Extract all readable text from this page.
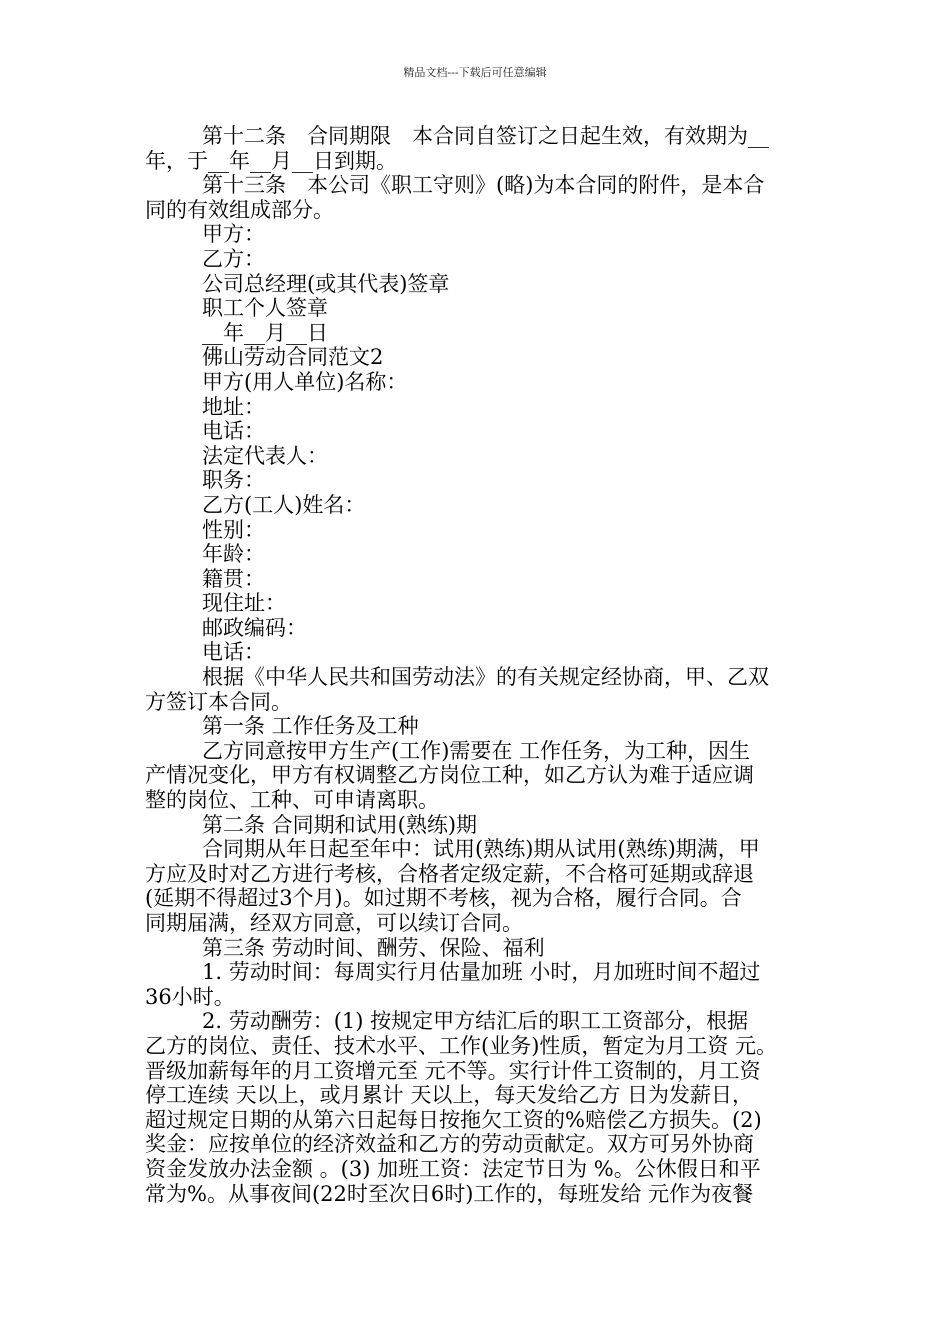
精品文档---下载后可任意编辑
第十二条　合同期限　本合同自签订之日起生效，有效期为__
年，于__年__月__日到期。
第十三条　本公司《职工守则》(略)为本合同的附件，是本合
同的有效组成部分。
甲方：
乙方：
公司总经理(或其代表)签章
职工个人签章
__年__月__日
佛山劳动合同范文2
甲方(用人单位)名称：
地址：
电话：
法定代表人：
职务：
乙方(工人)姓名：
性别：
年龄：
籍贯：
现住址：
邮政编码：
电话：
根据《中华人民共和国劳动法》的有关规定经协商，甲、乙双
方签订本合同。
第一条 工作任务及工种
乙方同意按甲方生产(工作)需要在 工作任务，为工种，因生
产情况变化，甲方有权调整乙方岗位工种，如乙方认为难于适应调
整的岗位、工种、可申请离职。
第二条 合同期和试用(熟练)期
合同期从年日起至年中：试用(熟练)期从试用(熟练)期满，甲
方应及时对乙方进行考核，合格者定级定薪，不合格可延期或辞退
(延期不得超过3个月)。如过期不考核，视为合格，履行合同。合
同期届满，经双方同意，可以续订合同。
第三条 劳动时间、酬劳、保险、福利
1. 劳动时间：每周实行月估量加班 小时，月加班时间不超过
36小时。
2. 劳动酬劳：(1) 按规定甲方结汇后的职工工资部分，根据
乙方的岗位、责任、技术水平、工作(业务)性质，暂定为月工资 元。
晋级加薪每年的月工资增元至 元不等。实行计件工资制的，月工资
停工连续 天以上，或月累计 天以上，每天发给乙方 日为发薪日，
超过规定日期的从第六日起每日按拖欠工资的%赔偿乙方损失。(2)
奖金：应按单位的经济效益和乙方的劳动贡献定。双方可另外协商
资金发放办法金额 。(3) 加班工资：法定节日为 %。公休假日和平
常为%。从事夜间(22时至次日6时)工作的，每班发给 元作为夜餐
